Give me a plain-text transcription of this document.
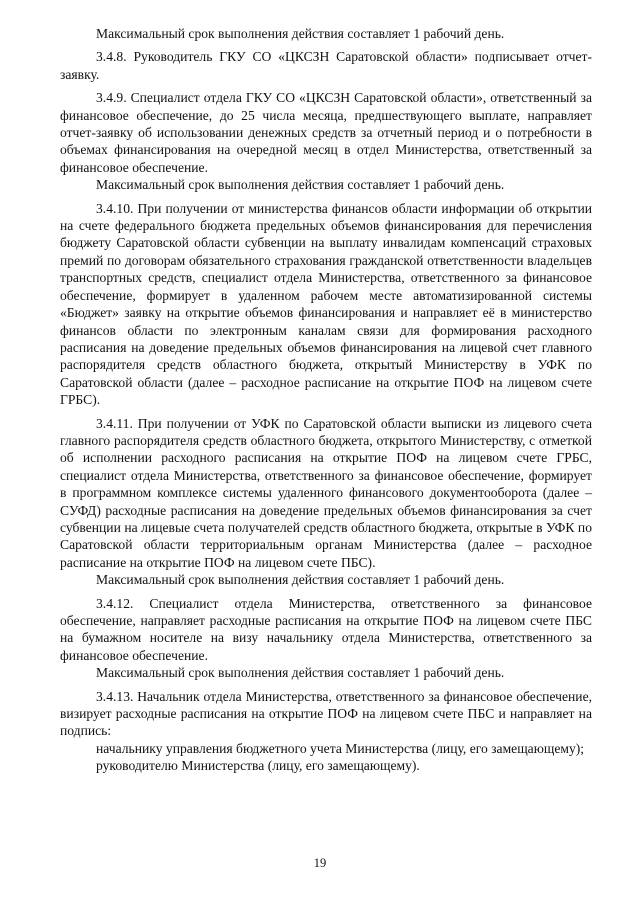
Максимальный срок выполнения действия составляет 1 рабочий день.

3.4.8. Руководитель ГКУ СО «ЦКСЗН Саратовской области» подписывает отчет-заявку.

3.4.9. Специалист отдела ГКУ СО «ЦКСЗН Саратовской области», ответственный за финансовое обеспечение, до 25 числа месяца, предшествующего выплате, направляет отчет-заявку об использовании денежных средств за отчетный период и о потребности в объемах финансирования на очередной месяц в отдел Министерства, ответственный за финансовое обеспечение.

Максимальный срок выполнения действия составляет 1 рабочий день.

3.4.10. При получении от министерства финансов области информации об открытии на счете федерального бюджета предельных объемов финансирования для перечисления бюджету Саратовской области субвенции на выплату инвалидам компенсаций страховых премий по договорам обязательного страхования гражданской ответственности владельцев транспортных средств, специалист отдела Министерства, ответственного за финансовое обеспечение, формирует в удаленном рабочем месте автоматизированной системы «Бюджет» заявку на открытие объемов финансирования и направляет её в министерство финансов области по электронным каналам связи для формирования расходного расписания на доведение предельных объемов финансирования на лицевой счет главного распорядителя средств областного бюджета, открытый Министерству в УФК по Саратовской области (далее – расходное расписание на открытие ПОФ на лицевом счете ГРБС).

3.4.11. При получении от УФК по Саратовской области выписки из лицевого счета главного распорядителя средств областного бюджета, открытого Министерству, с отметкой об исполнении расходного расписания на открытие ПОФ на лицевом счете ГРБС, специалист отдела Министерства, ответственного за финансовое обеспечение, формирует в программном комплексе системы удаленного финансового документооборота (далее – СУФД) расходные расписания на доведение предельных объемов финансирования за счет субвенции на лицевые счета получателей средств областного бюджета, открытые в УФК по Саратовской области территориальным органам Министерства (далее – расходное расписание на открытие ПОФ на лицевом счете ПБС).

Максимальный срок выполнения действия составляет 1 рабочий день.

3.4.12. Специалист отдела Министерства, ответственного за финансовое обеспечение, направляет расходные расписания на открытие ПОФ на лицевом счете ПБС на бумажном носителе на визу начальнику отдела Министерства, ответственного за финансовое обеспечение.

Максимальный срок выполнения действия составляет 1 рабочий день.

3.4.13. Начальник отдела Министерства, ответственного за финансовое обеспечение, визирует расходные расписания на открытие ПОФ на лицевом счете ПБС и направляет на подпись:

начальнику управления бюджетного учета Министерства (лицу, его замещающему);

руководителю Министерства (лицу, его замещающему).

19
